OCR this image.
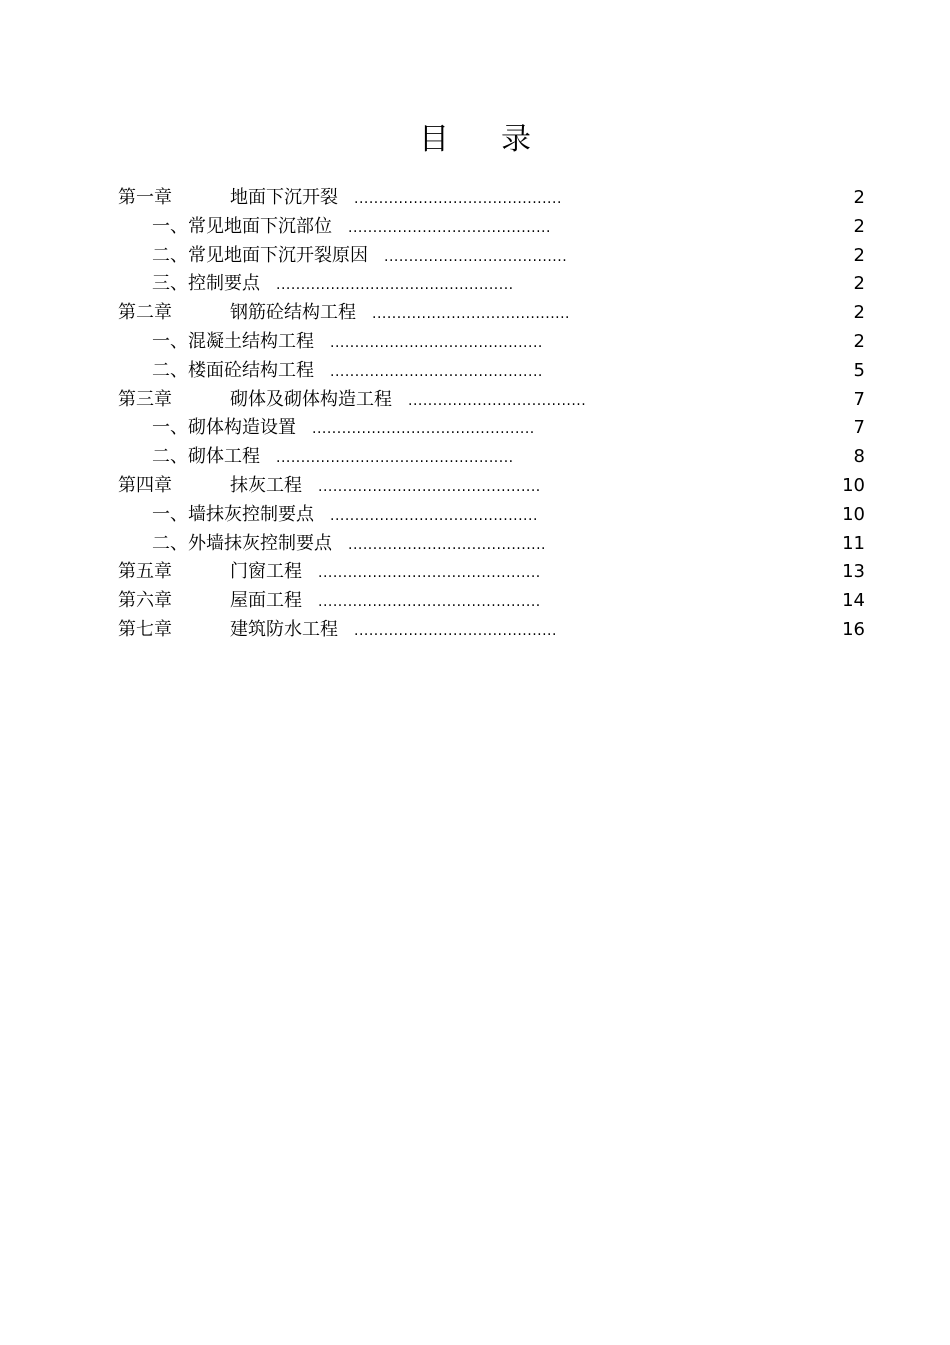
目 录
第一章	地面下沉开裂 ..........................................	2
一、常见地面下沉部位 .........................................	2
二、常见地面下沉开裂原因 .....................................	2
三、控制要点 ................................................	2
第二章	钢筋砼结构工程 ........................................	2
一、混凝土结构工程 ...........................................	2
二、楼面砼结构工程 ...........................................	5
第三章	砌体及砌体构造工程 ....................................	7
一、砌体构造设置 .............................................	7
二、砌体工程 ................................................	8
第四章	抹灰工程 .............................................	10
一、墙抹灰控制要点 ..........................................	10
二、外墙抹灰控制要点 ........................................	11
第五章	门窗工程 .............................................	13
第六章	屋面工程 .............................................	14
第七章	建筑防水工程 .........................................	16
